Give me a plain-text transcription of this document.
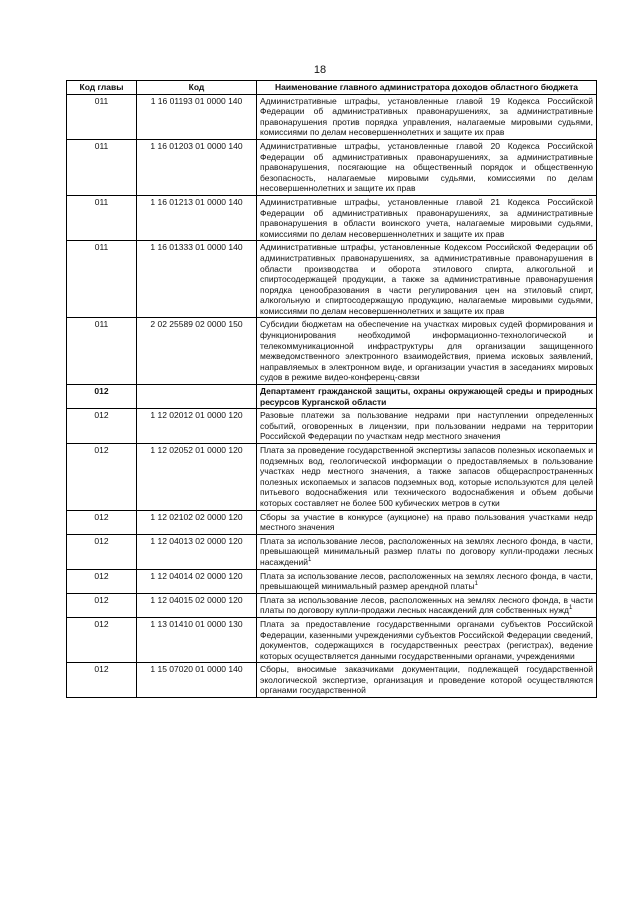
18
Код главы	Код	Наименование главного администратора доходов областного бюджета
011	1 16 01193 01 0000 140	Административные штрафы, установленные главой 19 Кодекса Российской Федерации об административных правонарушениях, за административные правонарушения против порядка управления, налагаемые мировыми судьями, комиссиями по делам несовершеннолетних и защите их прав
011	1 16 01203 01 0000 140	Административные штрафы, установленные главой 20 Кодекса Российской Федерации об административных правонарушениях, за административные правонарушения, посягающие на общественный порядок и общественную безопасность, налагаемые мировыми судьями, комиссиями по делам несовершеннолетних и защите их прав
011	1 16 01213 01 0000 140	Административные штрафы, установленные главой 21 Кодекса Российской Федерации об административных правонарушениях, за административные правонарушения в области воинского учета, налагаемые мировыми судьями, комиссиями по делам несовершеннолетних и защите их прав
011	1 16 01333 01 0000 140	Административные штрафы, установленные Кодексом Российской Федерации об административных правонарушениях, за административные правонарушения в области производства и оборота этилового спирта, алкогольной и спиртосодержащей продукции, а также за административные правонарушения порядка ценообразования в части регулирования цен на этиловый спирт, алкогольную и спиртосодержащую продукцию, налагаемые мировыми судьями, комиссиями по делам несовершеннолетних и защите их прав
011	2 02 25589 02 0000 150	Субсидии бюджетам на обеспечение на участках мировых судей формирования и функционирования необходимой информационно-технологической и телекоммуникационной инфраструктуры для организации защищенного межведомственного электронного взаимодействия, приема исковых заявлений, направляемых в электронном виде, и организации участия в заседаниях мировых судов в режиме видео-конференц-связи
012		Департамент гражданской защиты, охраны окружающей среды и природных ресурсов Курганской области
012	1 12 02012 01 0000 120	Разовые платежи за пользование недрами при наступлении определенных событий, оговоренных в лицензии, при пользовании недрами на территории Российской Федерации по участкам недр местного значения
012	1 12 02052 01 0000 120	Плата за проведение государственной экспертизы запасов полезных ископаемых и подземных вод, геологической информации о предоставляемых в пользование участках недр местного значения, а также запасов общераспространенных полезных ископаемых и запасов подземных вод, которые используются для целей питьевого водоснабжения или технического водоснабжения и объем добычи которых составляет не более 500 кубических метров в сутки
012	1 12 02102 02 0000 120	Сборы за участие в конкурсе (аукционе) на право пользования участками недр местного значения
012	1 12 04013 02 0000 120	Плата за использование лесов, расположенных на землях лесного фонда, в части, превышающей минимальный размер платы по договору купли-продажи лесных насаждений$^1$
012	1 12 04014 02 0000 120	Плата за использование лесов, расположенных на землях лесного фонда, в части, превышающей минимальный размер арендной платы$^1$
012	1 12 04015 02 0000 120	Плата за использование лесов, расположенных на землях лесного фонда, в части платы по договору купли-продажи лесных насаждений для собственных нужд$^1$
012	1 13 01410 01 0000 130	Плата за предоставление государственными органами субъектов Российской Федерации, казенными учреждениями субъектов Российской Федерации сведений, документов, содержащихся в государственных реестрах (регистрах), ведение которых осуществляется данными государственными органами, учреждениями
012	1 15 07020 01 0000 140	Сборы, вносимые заказчиками документации, подлежащей государственной экологической экспертизе, организация и проведение которой осуществляются органами государственной
